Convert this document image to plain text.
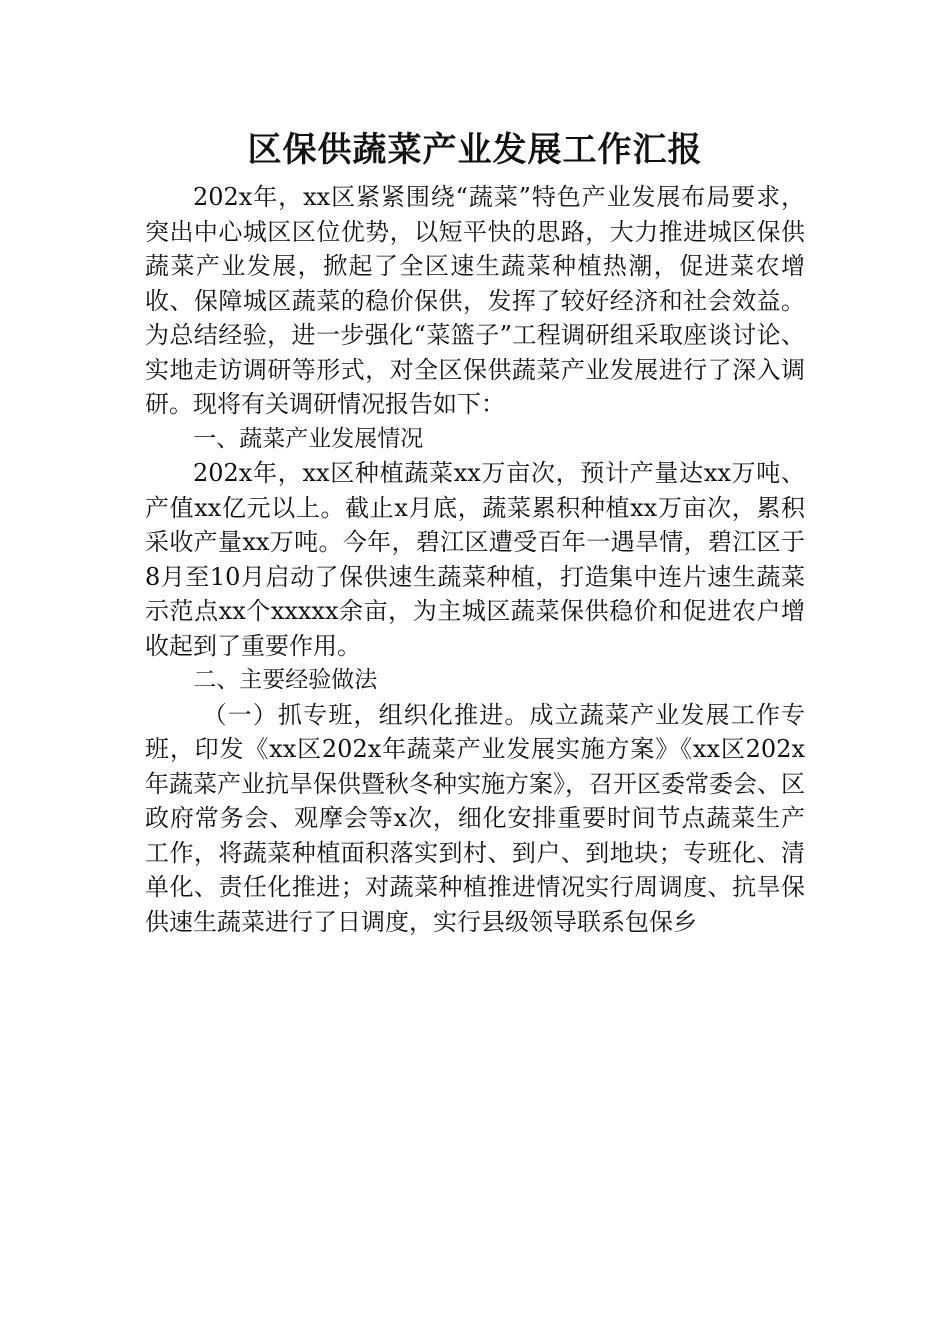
区保供蔬菜产业发展工作汇报

202x年，xx区紧紧围绕“蔬菜”特色产业发展布局要求，突出中心城区区位优势，以短平快的思路，大力推进城区保供蔬菜产业发展，掀起了全区速生蔬菜种植热潮，促进菜农增收、保障城区蔬菜的稳价保供，发挥了较好经济和社会效益。为总结经验，进一步强化“菜篮子”工程调研组采取座谈讨论、实地走访调研等形式，对全区保供蔬菜产业发展进行了深入调研。现将有关调研情况报告如下：

一、蔬菜产业发展情况

202x年，xx区种植蔬菜xx万亩次，预计产量达xx万吨、产值xx亿元以上。截止x月底，蔬菜累积种植xx万亩次，累积采收产量xx万吨。今年，碧江区遭受百年一遇旱情，碧江区于8月至10月启动了保供速生蔬菜种植，打造集中连片速生蔬菜示范点xx个xxxxx余亩，为主城区蔬菜保供稳价和促进农户增收起到了重要作用。

二、主要经验做法

（一）抓专班，组织化推进。成立蔬菜产业发展工作专班，印发《xx区202x年蔬菜产业发展实施方案》《xx区202x年蔬菜产业抗旱保供暨秋冬种实施方案》，召开区委常委会、区政府常务会、观摩会等x次，细化安排重要时间节点蔬菜生产工作，将蔬菜种植面积落实到村、到户、到地块；专班化、清单化、责任化推进；对蔬菜种植推进情况实行周调度、抗旱保供速生蔬菜进行了日调度，实行县级领导联系包保乡
